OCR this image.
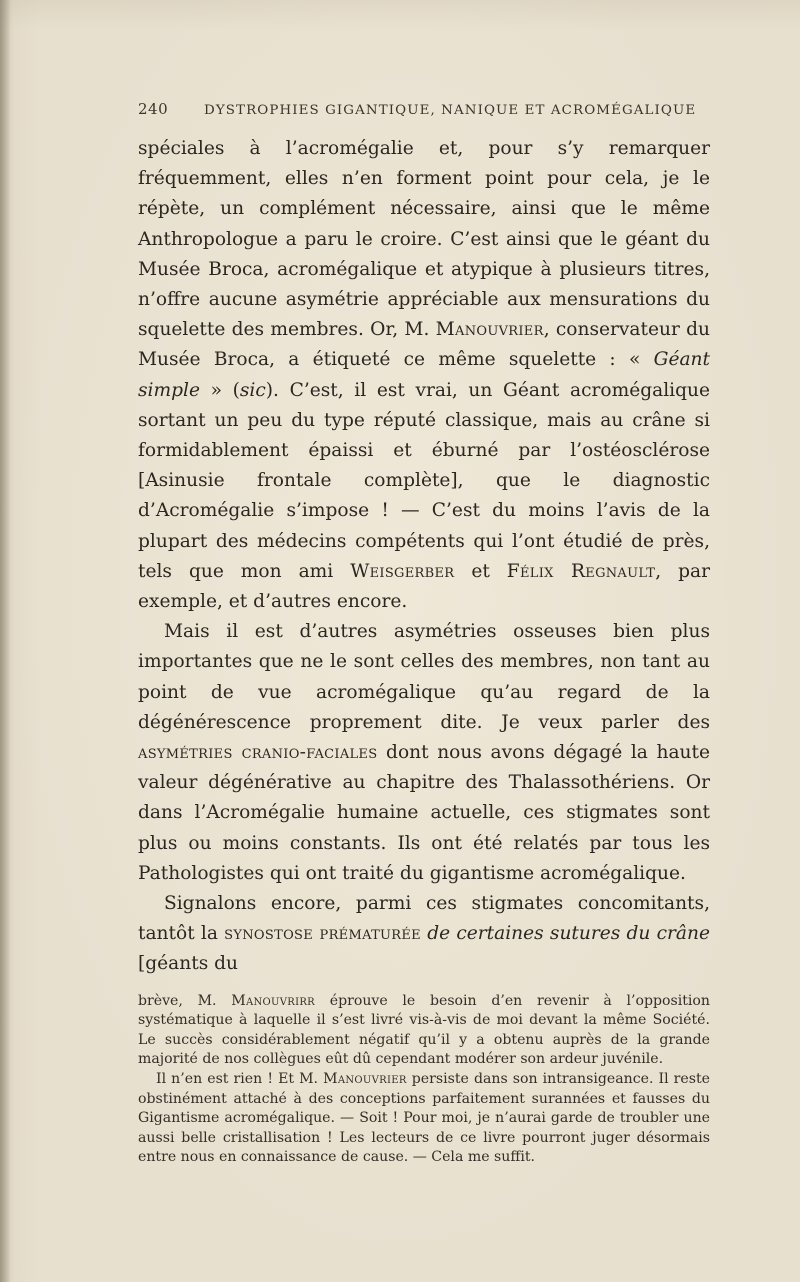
240	DYSTROPHIES GIGANTIQUE, NANIQUE ET ACROMÉGALIQUE

spéciales à l’acromégalie et, pour s’y remarquer fréquemment, elles n’en forment point pour cela, je le répète, un complément nécessaire, ainsi que le même Anthropologue a paru le croire. C’est ainsi que le géant du Musée Broca, acromégalique et atypique à plusieurs titres, n’offre aucune asymétrie appréciable aux mensurations du squelette des membres. Or, M. Manouvrier, conservateur du Musée Broca, a étiqueté ce même squelette : « Géant simple » (sic). C’est, il est vrai, un Géant acromégalique sortant un peu du type réputé classique, mais au crâne si formidablement épaissi et éburné par l’ostéosclérose [Asinusie frontale complète], que le diagnostic d’Acromégalie s’impose ! — C’est du moins l’avis de la plupart des médecins compétents qui l’ont étudié de près, tels que mon ami Weisgerber et Félix Regnault, par exemple, et d’autres encore.

Mais il est d’autres asymétries osseuses bien plus importantes que ne le sont celles des membres, non tant au point de vue acromégalique qu’au regard de la dégénérescence proprement dite. Je veux parler des asymétries cranio-faciales dont nous avons dégagé la haute valeur dégénérative au chapitre des Thalassothériens. Or dans l’Acromégalie humaine actuelle, ces stigmates sont plus ou moins constants. Ils ont été relatés par tous les Pathologistes qui ont traité du gigantisme acromégalique.

Signalons encore, parmi ces stigmates concomitants, tantôt la synostose prématurée de certaines sutures du crâne [géants du

brève, M. Manouvrirr éprouve le besoin d’en revenir à l’opposition systématique à laquelle il s’est livré vis-à-vis de moi devant la même Société. Le succès considérablement négatif qu’il y a obtenu auprès de la grande majorité de nos collègues eût dû cependant modérer son ardeur juvénile.

Il n’en est rien ! Et M. Manouvrier persiste dans son intransigeance. Il reste obstinément attaché à des conceptions parfaitement surannées et fausses du Gigantisme acromégalique. — Soit ! Pour moi, je n’aurai garde de troubler une aussi belle cristallisation ! Les lecteurs de ce livre pourront juger désormais entre nous en connaissance de cause. — Cela me suffit.
